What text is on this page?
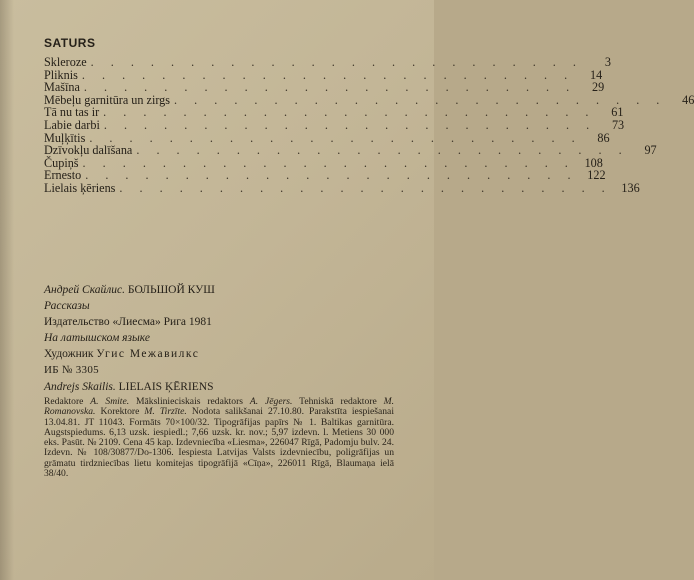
SATURS
Skleroze . . . . . . . . . . . . . . . . . . . . . . . . .	3
Pliknis . . . . . . . . . . . . . . . . . . . . . . . . .	14
Mašīna . . . . . . . . . . . . . . . . . . . . . . . . .	29
Mēbeļu garnitūra un zirgs . . . . . . . . . . . . . . . . . . . . . . . . .	46
Tā nu tas ir . . . . . . . . . . . . . . . . . . . . . . . . .	61
Labie darbi . . . . . . . . . . . . . . . . . . . . . . . . .	73
Muļķītis . . . . . . . . . . . . . . . . . . . . . . . . .	86
Dzīvokļu dalīšana . . . . . . . . . . . . . . . . . . . . . . . . .	97
Čupiņš . . . . . . . . . . . . . . . . . . . . . . . . . 108
Ernesto . . . . . . . . . . . . . . . . . . . . . . . . . 122
Lielais ķēriens . . . . . . . . . . . . . . . . . . . . . . . . . 136
Андрей Скайлис. БОЛЬШОЙ КУШ
Рассказы
Издательство «Лиесма» Рига 1981
На латышском языке
Художник Угис Межавилкс
ИБ № 3305
Andrejs Skailis. LIELAIS ĶĒRIENS
Redaktore A. Smite. Mākslinieciskais redaktors A. Jēgers. Tehniskā redaktore M. Romanovska. Korektore M. Tirzīte. Nodota salikšanai 27.10.80. Parakstīta iespiešanai 13.04.81. JT 11043. Formāts 70×100/32. Tipogrāfijas papīrs № 1. Baltikas garnitūra. Augstspiedums. 6,13 uzsk. iespiedl.; 7,66 uzsk. kr. nov.; 5,97 izdevn. l. Metiens 30 000 eks. Pasūt. № 2109. Cena 45 kap. Izdevniecība «Liesma», 226047 Rīgā, Padomju bulv. 24. Izdevn. № 108/30877/Do-1306. Iespiesta Latvijas Valsts izdevniecību, poligrāfijas un grāmatu tirdzniecības lietu komitejas tipogrāfijā «Cīņa», 226011 Rīgā, Blaumaņa ielā 38/40.
